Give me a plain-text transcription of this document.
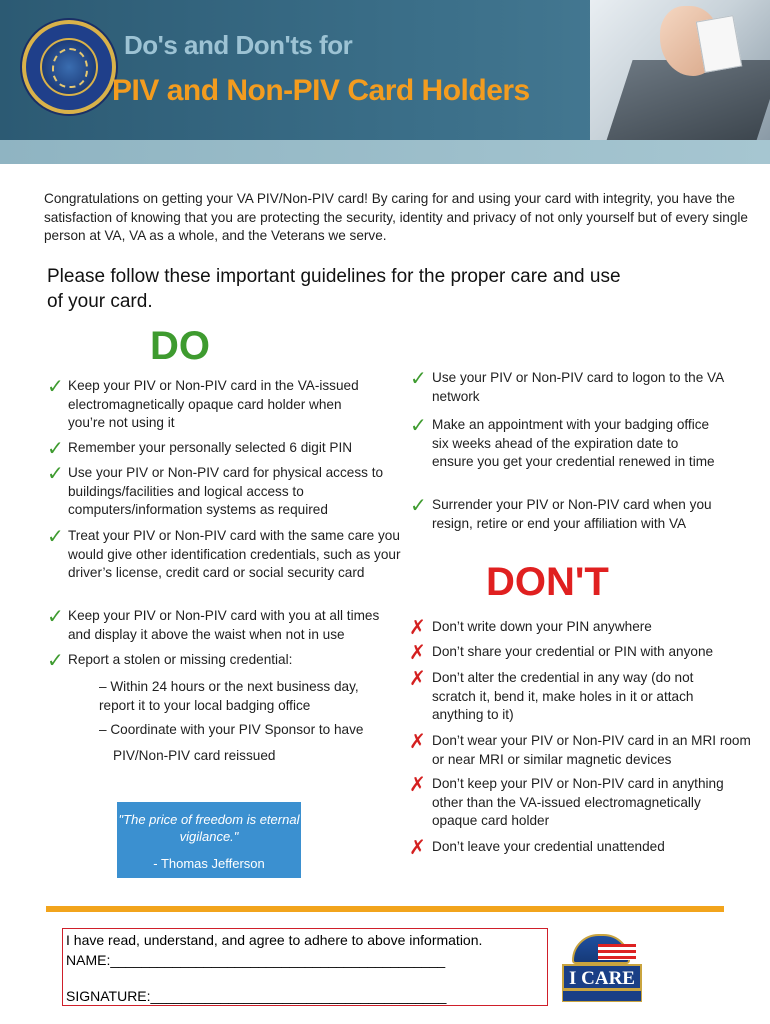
Do's and Don'ts for
PIV and Non-PIV Card Holders
Congratulations on getting your VA PIV/Non-PIV card! By caring for and using your card with integrity, you have the satisfaction of knowing that you are protecting the security, identity and privacy of not only yourself but of every single person at VA, VA as a whole, and the Veterans we serve.
Please follow these important guidelines for the proper care and use of your card.
DO
✓ Keep your PIV or Non-PIV card in the VA-issued electromagnetically opaque card holder when you’re not using it
✓ Remember your personally selected 6 digit PIN
✓ Use your PIV or Non-PIV card for physical access to buildings/facilities and logical access to computers/information systems as required
✓ Treat your PIV or Non-PIV card with the same care you would give other identification credentials, such as your driver’s license, credit card or social security card
✓ Keep your PIV or Non-PIV card with you at all times and display it above the waist when not in use
✓ Report a stolen or missing credential:
– Within 24 hours or the next business day, report it to your local badging office
– Coordinate with your PIV Sponsor to have
PIV/Non-PIV card reissued
✓ Use your PIV or Non-PIV card to logon to the VA network
✓ Make an appointment with your badging office six weeks ahead of the expiration date to ensure you get your credential renewed in time
✓ Surrender your PIV or Non-PIV card when you resign, retire or end your affiliation with VA
DON'T
✗ Don’t write down your PIN anywhere
✗ Don’t share your credential or PIN with anyone
✗ Don’t alter the credential in any way (do not scratch it, bend it, make holes in it or attach anything to it)
✗ Don’t wear your PIV or Non-PIV card in an MRI room or near MRI or similar magnetic devices
✗ Don’t keep your PIV or Non-PIV card in anything other than the VA-issued electromagnetically opaque card holder
✗ Don’t leave your credential unattended
"The price of freedom is eternal vigilance."
- Thomas Jefferson
I have read, understand, and agree to adhere to above information.
NAME:___________________________________________
SIGNATURE:______________________________________
I CARE
